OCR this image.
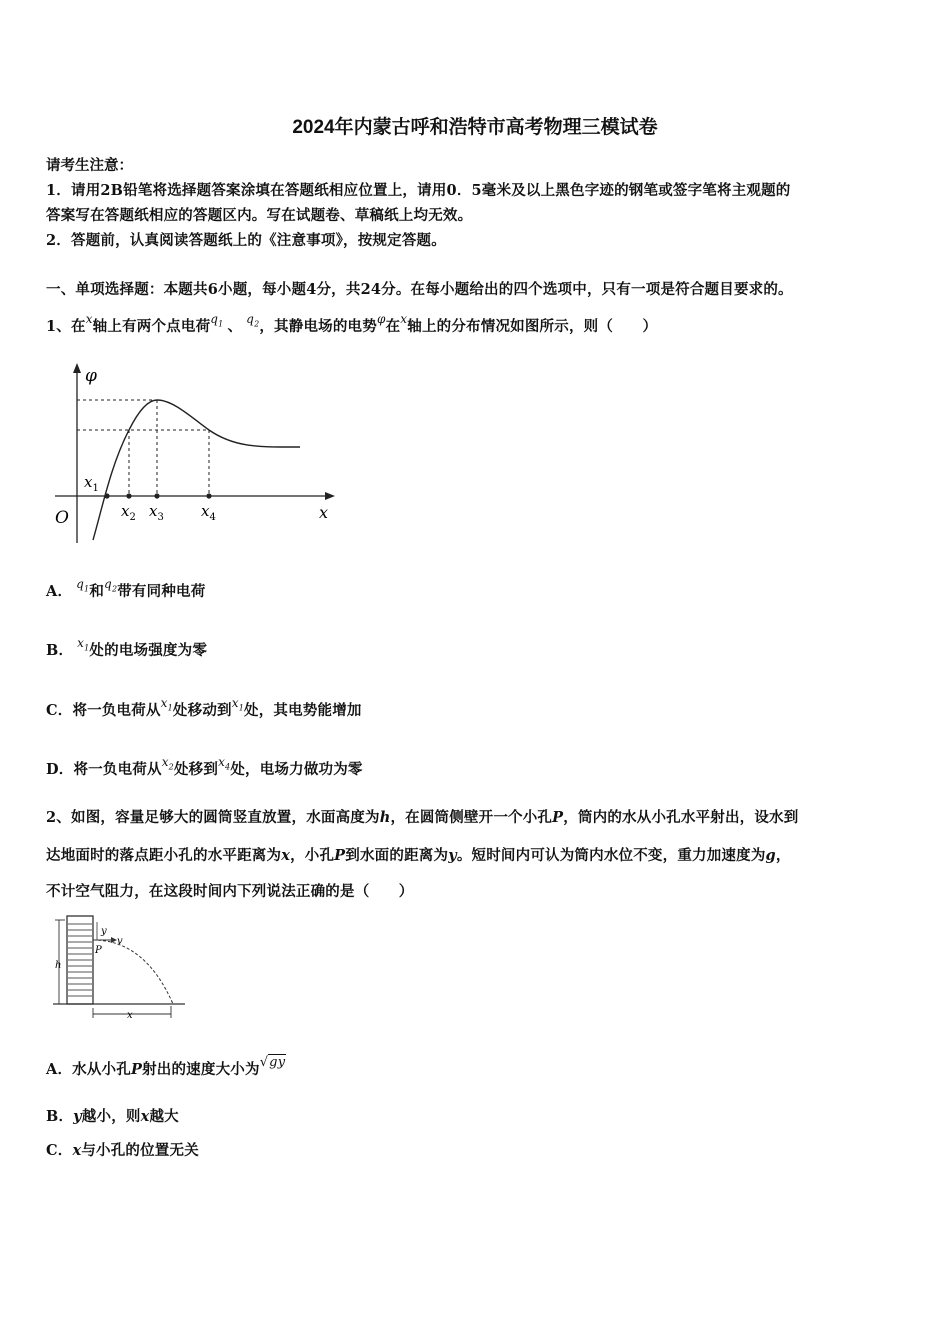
2024年内蒙古呼和浩特市高考物理三模试卷
请考生注意：
1．请用2B铅笔将选择题答案涂填在答题纸相应位置上，请用0．5毫米及以上黑色字迹的钢笔或签字笔将主观题的
答案写在答题纸相应的答题区内。写在试题卷、草稿纸上均无效。
2．答题前，认真阅读答题纸上的《注意事项》，按规定答题。
一、单项选择题：本题共6小题，每小题4分，共24分。在每小题给出的四个选项中，只有一项是符合题目要求的。
1、在$^x$轴上有两个点电荷$^{q_1}$ 、 $^{q_2}$，其静电场的电势$^\varphi$在$^x$轴上的分布情况如图所示，则（　　）
φ
O	x
$x_1$
$x_2$ $x_3$ $x_4$
A． $^{q_1}$和$^{q_2}$带有同种电荷
B． $^{x_1}$处的电场强度为零
C．将一负电荷从$^{x_1}$处移动到$^{x_1}$处，其电势能增加
D．将一负电荷从$^{x_2}$处移到$^{x_4}$处，电场力做功为零
2、如图，容量足够大的圆筒竖直放置，水面高度为h，在圆筒侧壁开一个小孔P，筒内的水从小孔水平射出，设水到
达地面时的落点距小孔的水平距离为x，小孔P到水面的距离为y。短时间内可认为筒内水位不变，重力加速度为g，
不计空气阻力，在这段时间内下列说法正确的是（　　）
h
y
v
P
x
A．水从小孔P射出的速度大小为√gy
B．y越小，则x越大
C．x与小孔的位置无关
